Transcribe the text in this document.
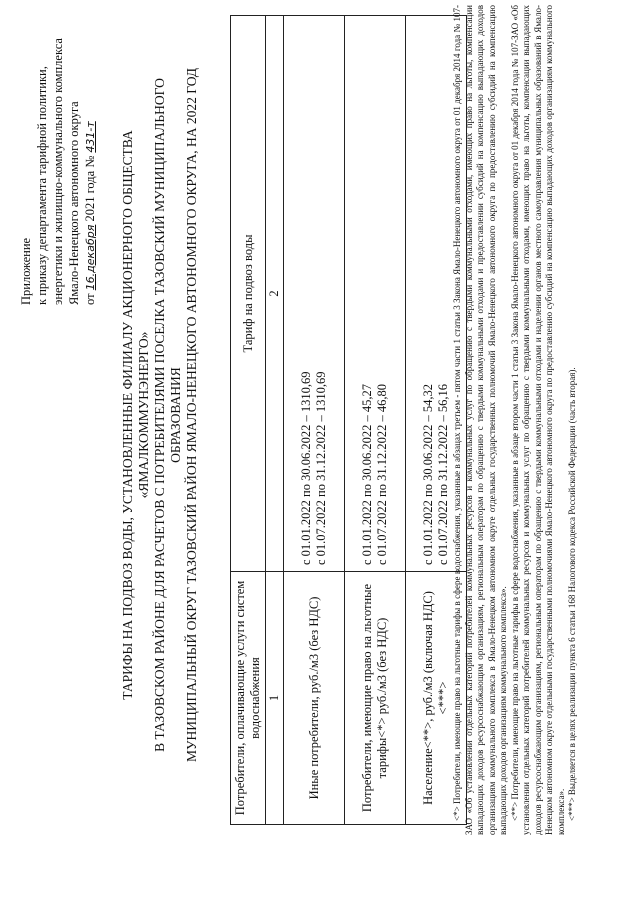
Приложение к приказу департамента тарифной политики, энергетики и жилищно-коммунального комплекса Ямало-Ненецкого автономного округа от 16.декабря 2021 года № 431-т ТАРИФЫ НА ПОДВОЗ ВОДЫ, УСТАНОВЛЕННЫЕ ФИЛИАЛУ АКЦИОНЕРНОГО ОБЩЕСТВА «ЯМАЛКОММУНЭНЕРГО» В ТАЗОВСКОМ РАЙОНЕ ДЛЯ РАСЧЕТОВ С ПОТРЕБИТЕЛЯМИ ПОСЕЛКА ТАЗОВСКИЙ МУНИЦИПАЛЬНОГО ОБРАЗОВАНИЯ МУНИЦИПАЛЬНЫЙ ОКРУГ ТАЗОВСКИЙ РАЙОН ЯМАЛО-НЕНЕЦКОГО АВТОНОМНОГО ОКРУГА, НА 2022 ГОД	Потребители, оплачивающие услуги систем водоснабжения	Тариф на подвоз воды
1	2
Иные потребители, руб./м3 (без НДС)	с 01.01.2022 по 30.06.2022 – 1310,69 с 01.07.2022 по 31.12.2022 – 1310,69

Потребители, имеющие право на льготные тарифы<*> руб./м3 (без НДС)	с 01.01.2022 по 30.06.2022 – 45,27 с 01.07.2022 по 31.12.2022 – 46,80

Население<**>, руб./м3 (включая НДС)<***>	с 01.01.2022 по 30.06.2022 – 54,32 с 01.07.2022 по 31.12.2022 – 56,16 <*> Потребители, имеющие право на льготные тарифы в сфере водоснабжения, указанные в абзацах третьем - пятом части 1 статьи 3 Закона Ямало-Ненецкого автономного округа от 01 декабря 2014 года № 107-ЗАО «Об установлении отдельных категорий потребителей коммунальных ресурсов и коммунальных услуг по обращению с твердыми коммунальными отходами, имеющих право на льготы, компенсации выпадающих доходов ресурсоснабжающим организациям, региональным операторам по обращению с твердыми коммунальными отходами и предоставлении субсидий на компенсацию выпадающих доходов организациям коммунального комплекса в Ямало-Ненецком автономном округе отдельных государственных полномочий Ямало-Ненецкого автономного округа по предоставлению субсидий на компенсацию выпадающих доходов организациям коммунального комплекса». <**> Потребители, имеющие право на льготные тарифы в сфере водоснабжения, указанные в абзаце втором части 1 статьи 3 Закона Ямало-Ненецкого автономного округа от 01 декабря 2014 года № 107-ЗАО «Об установлении отдельных категорий потребителей коммунальных ресурсов и коммунальных услуг по обращению с твердыми коммунальными отходами, имеющих право на льготы, компенсации выпадающих доходов ресурсоснабжающим организациям, региональным операторам по обращению с твердыми коммунальными отходами и наделении органов местного самоуправления муниципальных образований в Ямало-Ненецком автономном округе отдельными государственными полномочиями Ямало-Ненецкого автономного округа по предоставлению субсидий на компенсацию выпадающих доходов организациям коммунального комплекса». <***> Выделяется в целях реализации пункта 6 статьи 168 Налогового кодекса Российской Федерации (часть вторая).
